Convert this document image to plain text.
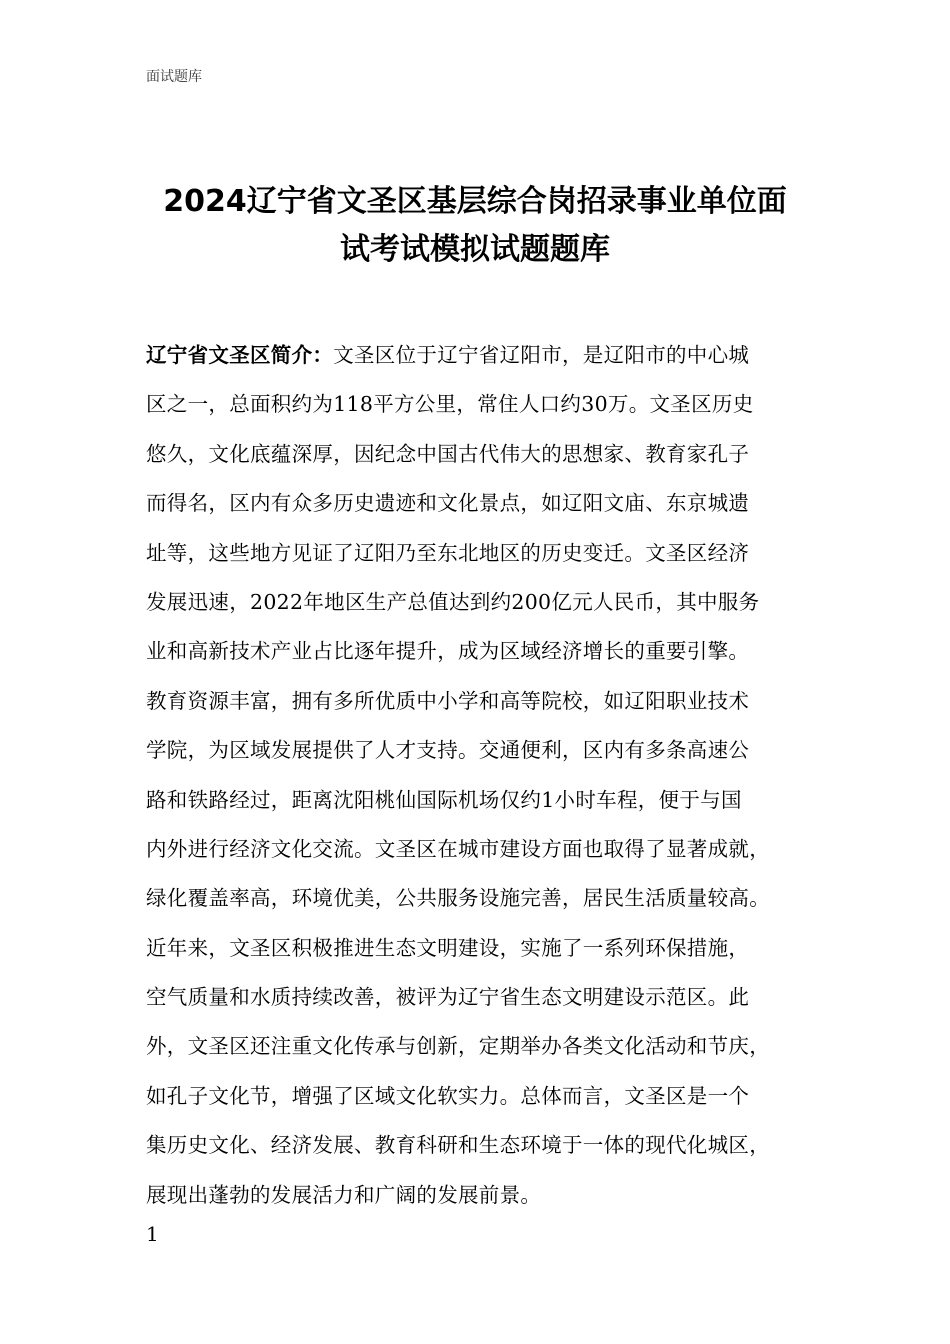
面试题库
2024辽宁省文圣区基层综合岗招录事业单位面
试考试模拟试题题库
辽宁省文圣区简介：文圣区位于辽宁省辽阳市，是辽阳市的中心城
区之一，总面积约为118平方公里，常住人口约30万。文圣区历史
悠久，文化底蕴深厚，因纪念中国古代伟大的思想家、教育家孔子
而得名，区内有众多历史遗迹和文化景点，如辽阳文庙、东京城遗
址等，这些地方见证了辽阳乃至东北地区的历史变迁。文圣区经济
发展迅速，2022年地区生产总值达到约200亿元人民币，其中服务
业和高新技术产业占比逐年提升，成为区域经济增长的重要引擎。
教育资源丰富，拥有多所优质中小学和高等院校，如辽阳职业技术
学院，为区域发展提供了人才支持。交通便利，区内有多条高速公
路和铁路经过，距离沈阳桃仙国际机场仅约1小时车程，便于与国
内外进行经济文化交流。文圣区在城市建设方面也取得了显著成就，
绿化覆盖率高，环境优美，公共服务设施完善，居民生活质量较高。
近年来，文圣区积极推进生态文明建设，实施了一系列环保措施，
空气质量和水质持续改善，被评为辽宁省生态文明建设示范区。此
外，文圣区还注重文化传承与创新，定期举办各类文化活动和节庆，
如孔子文化节，增强了区域文化软实力。总体而言，文圣区是一个
集历史文化、经济发展、教育科研和生态环境于一体的现代化城区，
展现出蓬勃的发展活力和广阔的发展前景。
1
